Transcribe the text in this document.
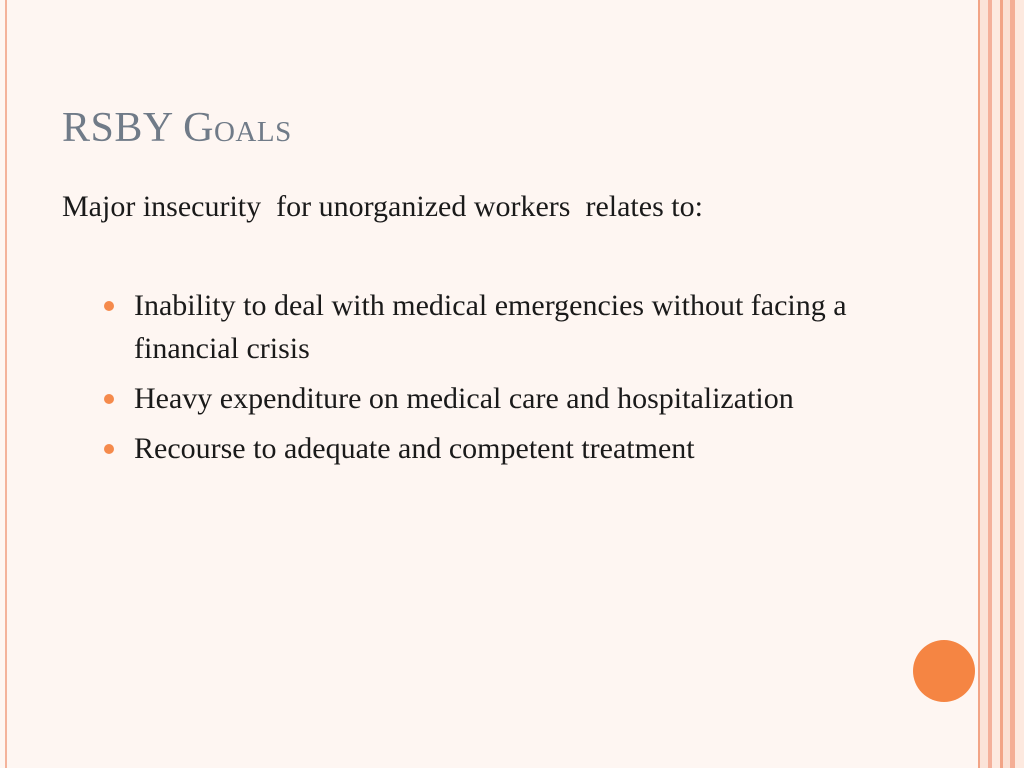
RSBY Goals

Major insecurity  for unorganized workers  relates to:

Inability to deal with medical emergencies without facing a financial crisis
Heavy expenditure on medical care and hospitalization
Recourse to adequate and competent treatment
